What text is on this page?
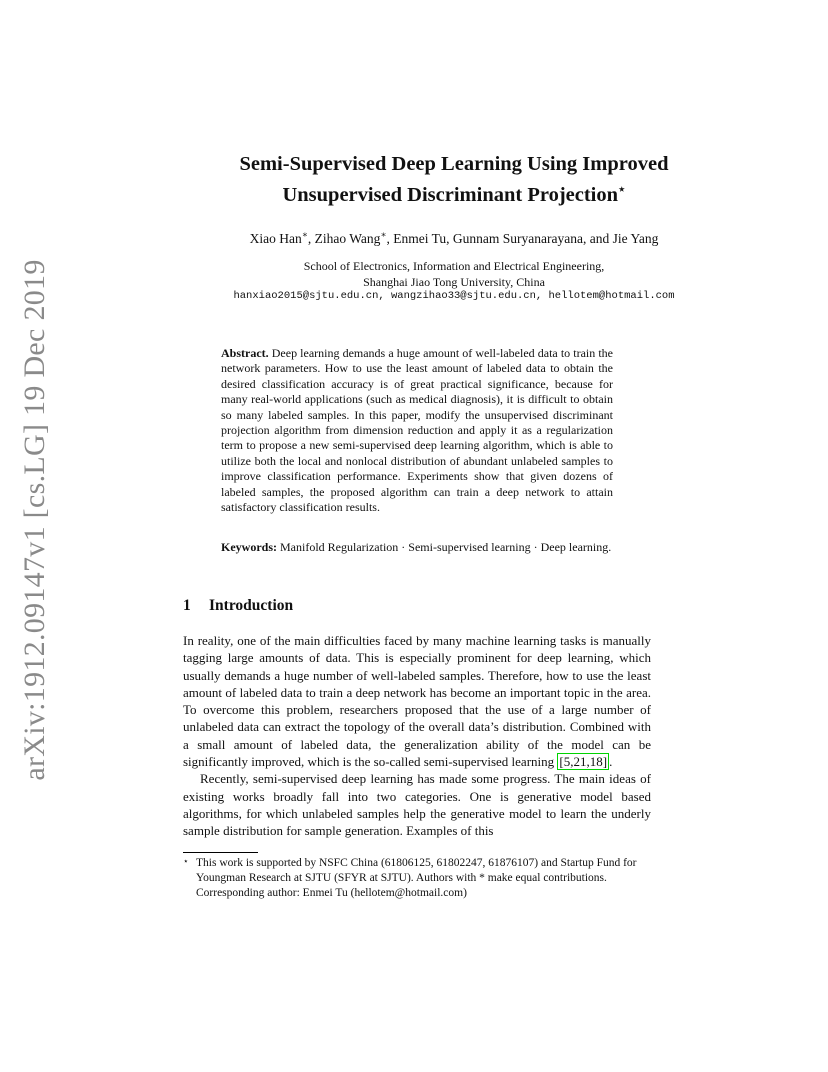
arXiv:1912.09147v1 [cs.LG] 19 Dec 2019
Semi-Supervised Deep Learning Using Improved
Unsupervised Discriminant Projection⋆
Xiao Han∗, Zihao Wang∗, Enmei Tu, Gunnam Suryanarayana, and Jie Yang
School of Electronics, Information and Electrical Engineering,
Shanghai Jiao Tong University, China
hanxiao2015@sjtu.edu.cn, wangzihao33@sjtu.edu.cn, hellotem@hotmail.com
Abstract. Deep learning demands a huge amount of well-labeled data to train the network parameters. How to use the least amount of labeled data to obtain the desired classification accuracy is of great practical significance, because for many real-world applications (such as medical diagnosis), it is difficult to obtain so many labeled samples. In this paper, modify the unsupervised discriminant projection algorithm from dimension reduction and apply it as a regularization term to propose a new semi-supervised deep learning algorithm, which is able to utilize both the local and nonlocal distribution of abundant unlabeled samples to improve classification performance. Experiments show that given dozens of labeled samples, the proposed algorithm can train a deep network to attain satisfactory classification results.
Keywords: Manifold Regularization · Semi-supervised learning · Deep learning.
1 Introduction

In reality, one of the main difficulties faced by many machine learning tasks is manually tagging large amounts of data. This is especially prominent for deep learning, which usually demands a huge number of well-labeled samples. Therefore, how to use the least amount of labeled data to train a deep network has become an important topic in the area. To overcome this problem, researchers proposed that the use of a large number of unlabeled data can extract the topology of the overall data’s distribution. Combined with a small amount of labeled data, the generalization ability of the model can be significantly improved, which is the so-called semi-supervised learning [5,21,18] .

Recently, semi-supervised deep learning has made some progress. The main ideas of existing works broadly fall into two categories. One is generative model based algorithms, for which unlabeled samples help the generative model to learn the underly sample distribution for sample generation. Examples of this

⋆ This work is supported by NSFC China (61806125, 61802247, 61876107) and Startup Fund for Youngman Research at SJTU (SFYR at SJTU). Authors with * make equal contributions. Corresponding author: Enmei Tu (hellotem@hotmail.com)
